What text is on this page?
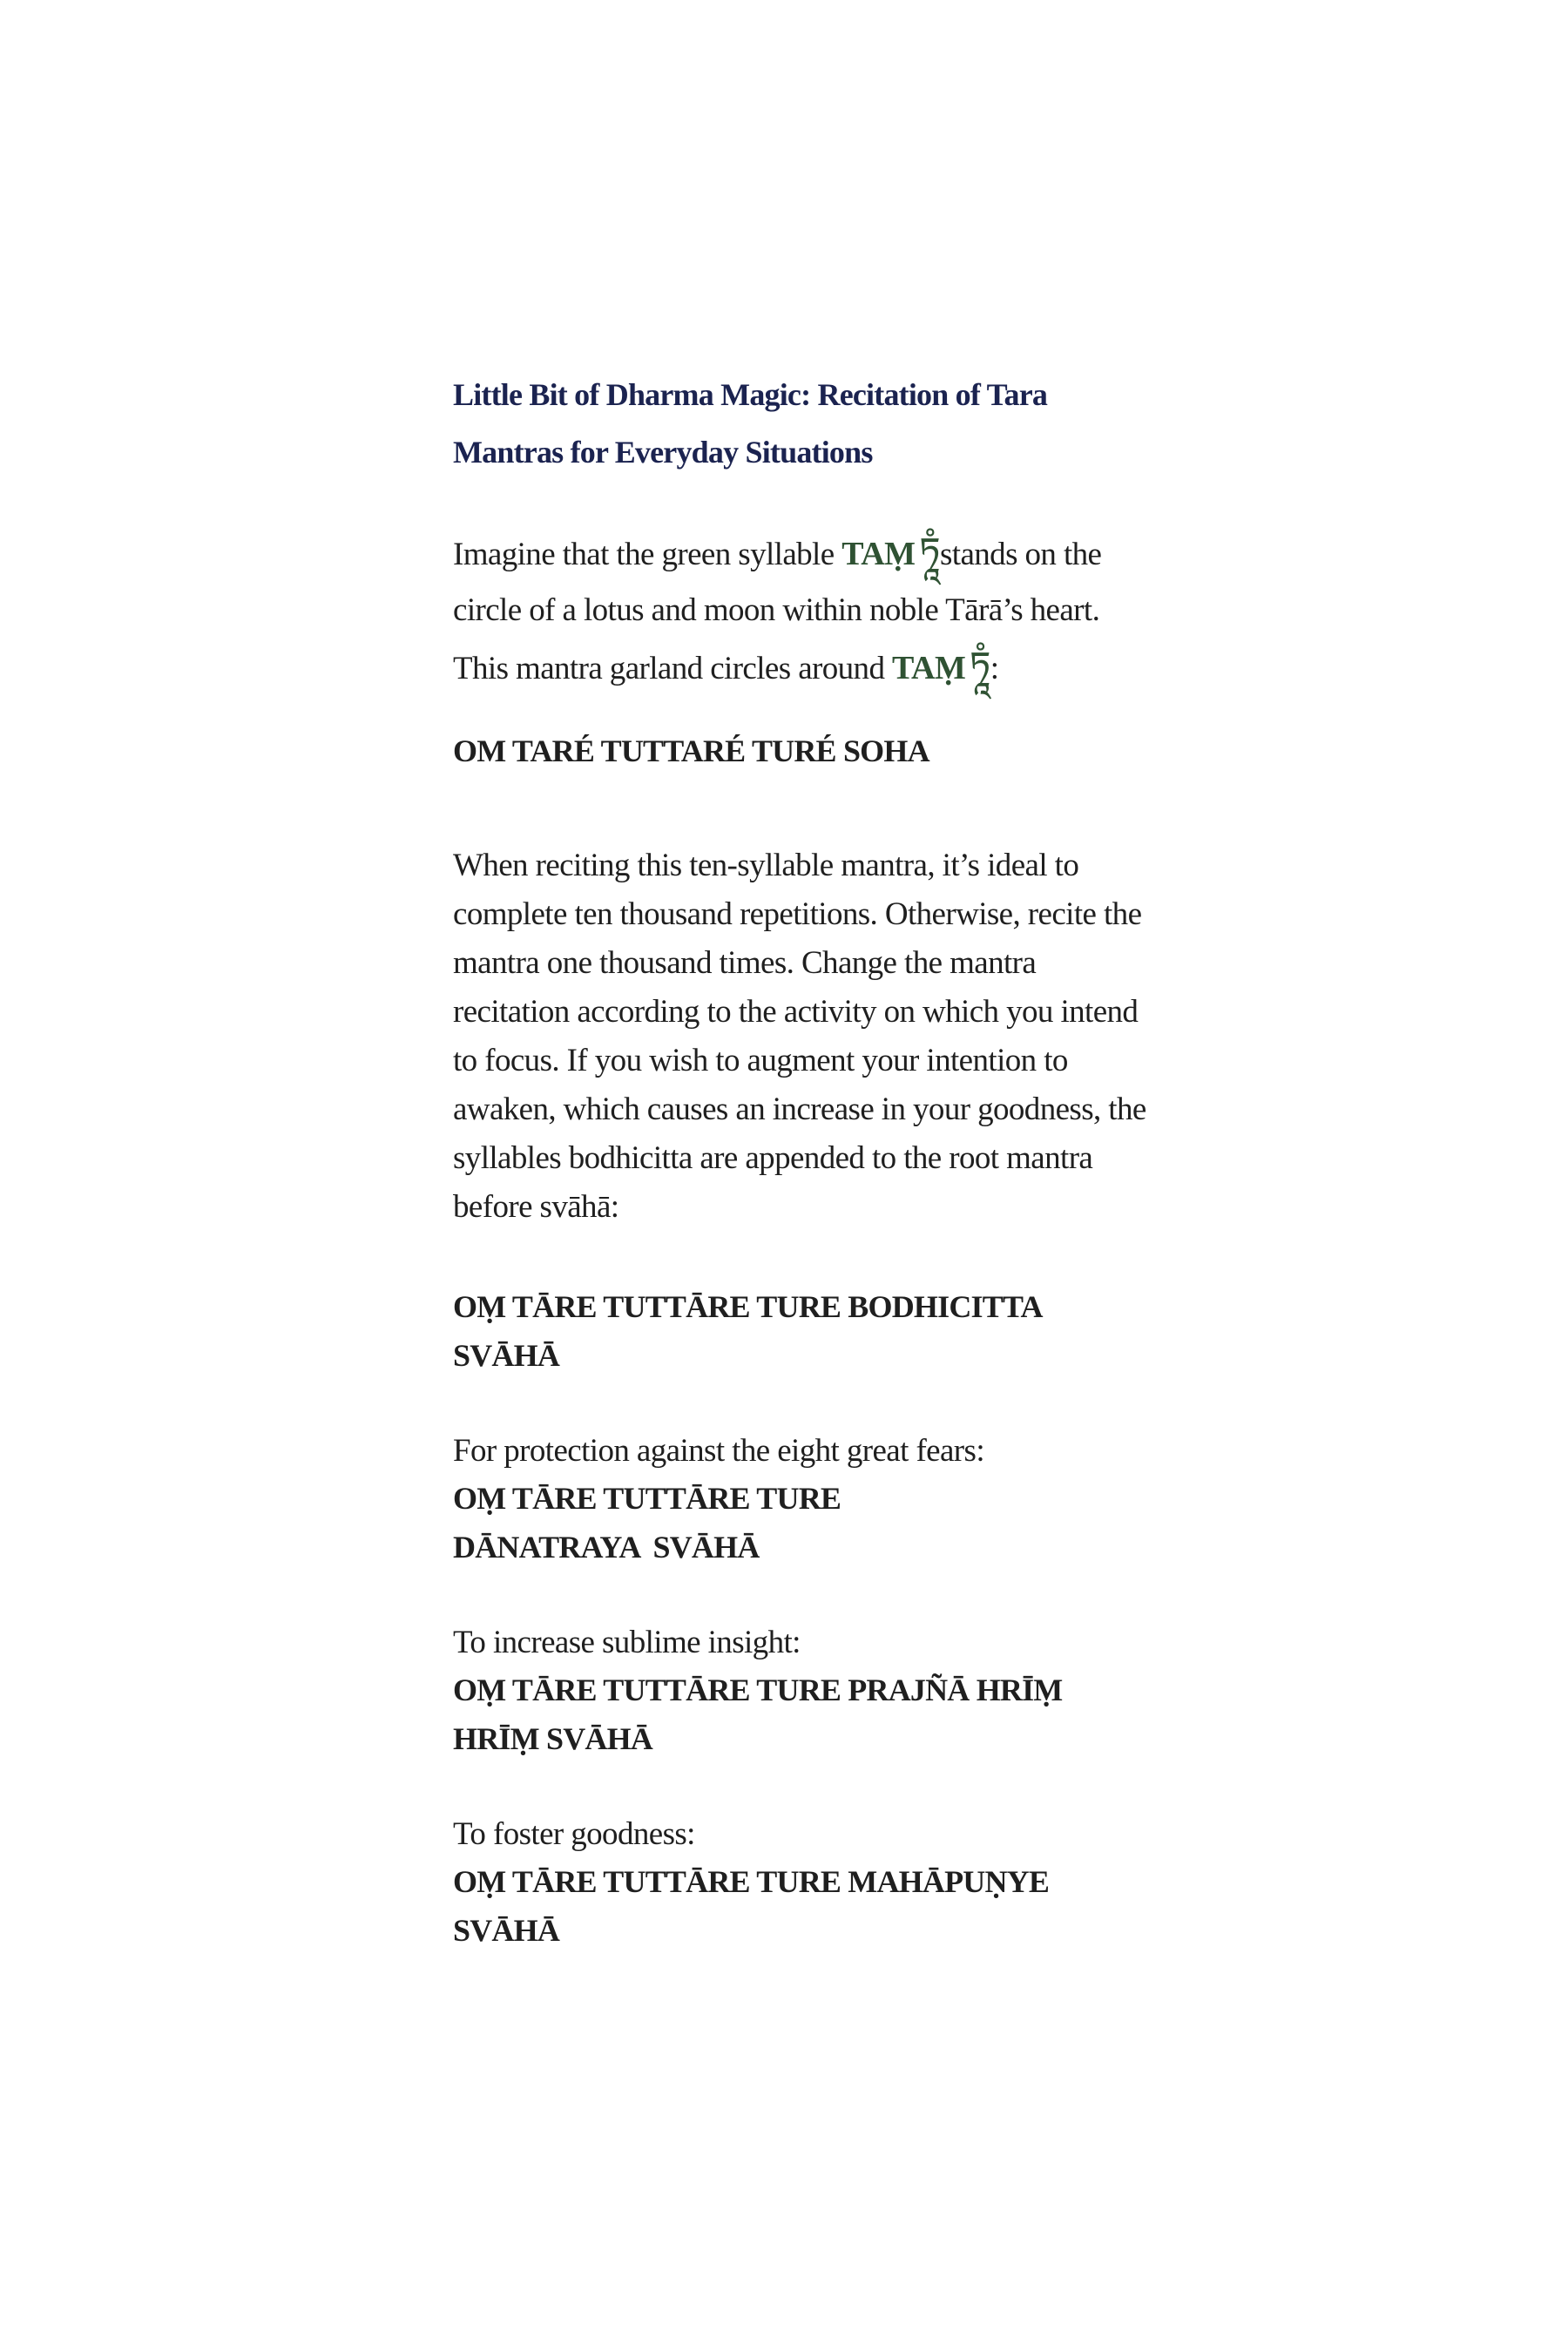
Little Bit of Dharma Magic: Recitation of Tara Mantras for Everyday Situations

Imagine that the green syllable TAṂཏཱཾstands on the circle of a lotus and moon within noble Tārā’s heart. This mantra garland circles around TAṂཏཱཾ:

OM TARÉ TUTTARÉ TURÉ SOHA

When reciting this ten-syllable mantra, it’s ideal to complete ten thousand repetitions. Otherwise, recite the mantra one thousand times. Change the mantra recitation according to the activity on which you intend to focus. If you wish to augment your intention to awaken, which causes an increase in your goodness, the syllables bodhicitta are appended to the root mantra before svāhā:

OṂ TĀRE TUTTĀRE TURE BODHICITTA SVĀHĀ

For protection against the eight great fears:

OṂ TĀRE TUTTĀRE TURE DĀNATRAYA SVĀHĀ

To increase sublime insight:

OṂ TĀRE TUTTĀRE TURE PRAJÑĀ HRĪṂ HRĪṂ SVĀHĀ

To foster goodness:

OṂ TĀRE TUTTĀRE TURE MAHĀPUṆYE SVĀHĀ
